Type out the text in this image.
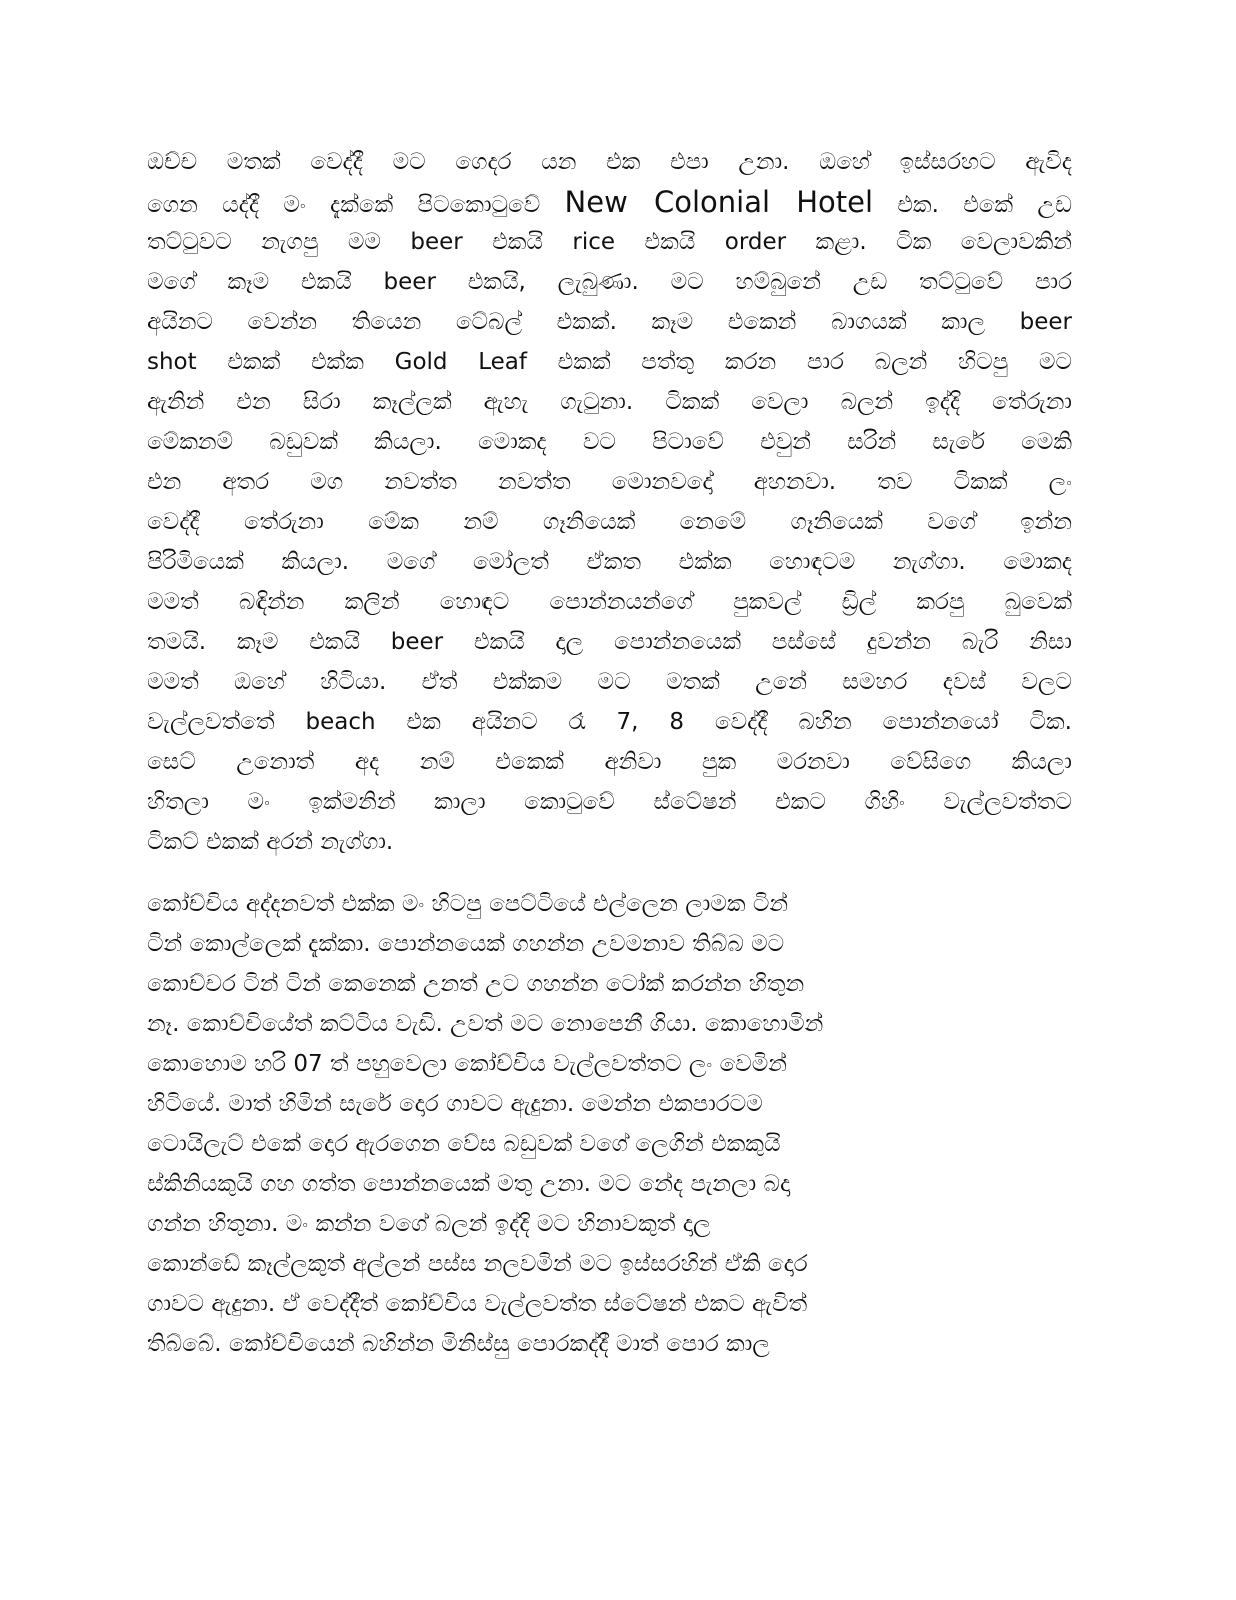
ඔච්ච මතක් වෙද්දී මට ගෙදර යන එක එපා උනා. ඔහේ ඉස්සරහට ඇවිද
ගෙන යද්දී මං දැක්කේ පිටකොටුවේ New Colonial Hotel එක. එකේ උඩ
තට්ටුවට නැගපු මම beer එකයි rice එකයි order කළා. ටික වෙලාවකින්
මගේ කෑම එකයි beer එකයි, ලැබුණා. මට හම්බුනේ උඩ තට්ටුවේ පාර
අයිනට වෙන්න තියෙන ටේබල් එකක්. කෑම එකෙන් බාගයක් කාල beer
shot එකක් එක්ක Gold Leaf එකක් පත්තු කරන පාර බලන් හිටපු මට
ඇනින් එන සිරා කෑල්ලක් ඇහැ ගැටුනා. ටිකක් වෙලා බලන් ඉද්දි තේරුනා
මේකනම් බඩුවක් කියලා. මොකද වට පිටාවේ එවුන් සරින් සැරේ මෙකි
එන අතර මග නවත්ත නවත්ත මොනවදෝ අහනවා. තව ටිකක් ලං
වෙද්දී තේරුනා මේක නම් ගෑනියෙක් නෙමේ ගෑනියෙක් වගේ ඉන්න
පිරිමියෙක් කියලා. මගේ මෝලත් ඒකත එක්ක හොඳටම නැග්ගා. මොකද
මමත් බඳින්න කලින් හොඳට පොන්නයන්ගේ පුකවල් ඩ්‍රිල් කරපු බුවෙක්
තමයි. කෑම එකයි beer එකයි දාල පොන්නයෙක් පස්සේ දුවන්න බැරි නිසා
මමත් ඔහේ හිටියා. ඒත් එක්කම මට මතක් උනේ සමහර දවස් වලට
වැල්ලවත්තේ beach එක අයිනට රෑ 7, 8 වෙද්දී බහින පොන්නයෝ ටික.
සෙට් උනොත් අද නම් එකෙක් අනිවා පුක මරනවා වේසිගෙ කියලා
හිතලා මං ඉක්මනින් කාලා කොටුවේ ස්ටේෂන් එකට ගිහිං වැල්ලවත්තට
ටිකට් එකක් අරන් නැග්ගා.
කෝච්චිය අද්දනවත් එක්ක මං හිටපු පෙට්ටියේ එල්ලෙන ලාමක ටින්
ටින් කොල්ලෙක් දැක්කා. පොන්නයෙක් ගහන්න උවමනාව තිබ්බ මට
කොච්චර ටින් ටින් කෙනෙක් උනත් උට ගහන්න ටෝක් කරන්න හිතුන
නෑ. කොච්චියේත් කට්ටිය වැඩි. උවත් මට නොපෙනී ගියා. කොහොමින්
කොහොම හරි 07 ත් පහුවෙලා කෝච්චිය වැල්ලවත්තට ලං වෙමින්
හිටියේ. මාත් හිමින් සැරේ දොර ගාවට ඇදුනා. මෙන්න එකපාරටම
ටොයිලැට් එකේ දොර ඇරගෙන වේස බඩුවක් වගේ ලෙගින් එකකුයි
ස්කිනියකුයි ගහ ගත්ත පොන්නයෙක් මතු උනා. මට නේද පැනලා බදා
ගන්න හිතුනා. මං කන්න වගේ බලන් ඉද්දි මට හිනාවකුත් දාල
කොන්ඩේ කෑල්ලකුත් අල්ලන් පස්ස නලවමින් මට ඉස්සරහින් ඒකි දොර
ගාවට ඇදුනා. ඒ වෙද්දීත් කෝච්චිය වැල්ලවත්ත ස්ටේෂන් එකට ඇවිත්
තිබ්බේ. කෝච්චියෙන් බහින්න මිනිස්සු පොරකද්දී මාත් පොර කාල
